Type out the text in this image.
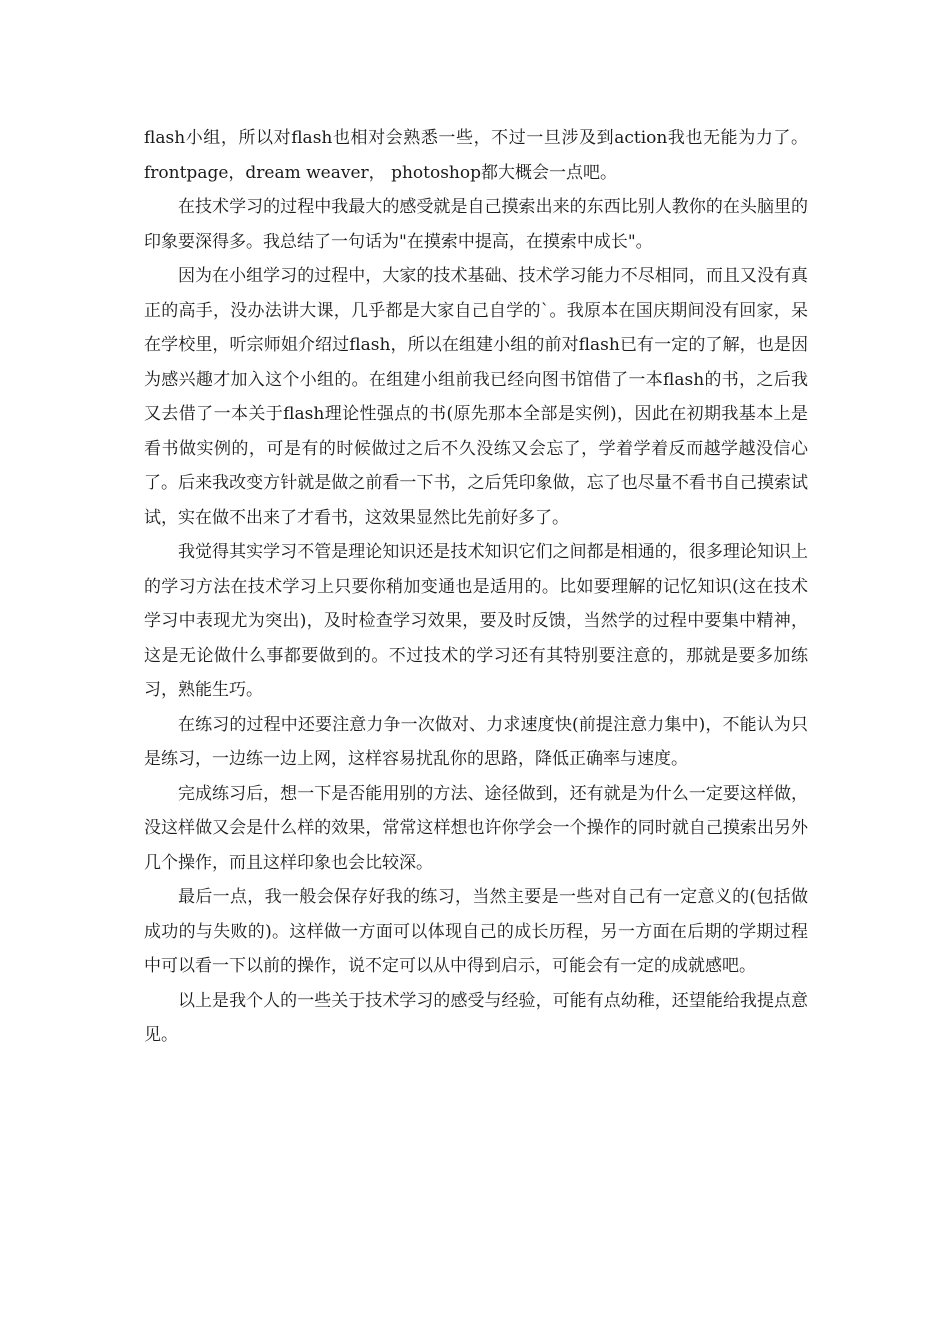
flash小组，所以对flash也相对会熟悉一些，不过一旦涉及到action我也无能为力了。frontpage，dream weaver， photoshop都大概会一点吧。

在技术学习的过程中我最大的感受就是自己摸索出来的东西比别人教你的在头脑里的印象要深得多。我总结了一句话为"在摸索中提高，在摸索中成长"。

因为在小组学习的过程中，大家的技术基础、技术学习能力不尽相同，而且又没有真正的高手，没办法讲大课，几乎都是大家自己自学的`。我原本在国庆期间没有回家，呆在学校里，听宗师姐介绍过flash，所以在组建小组的前对flash已有一定的了解，也是因为感兴趣才加入这个小组的。在组建小组前我已经向图书馆借了一本flash的书，之后我又去借了一本关于flash理论性强点的书(原先那本全部是实例)，因此在初期我基本上是看书做实例的，可是有的时候做过之后不久没练又会忘了，学着学着反而越学越没信心了。后来我改变方针就是做之前看一下书，之后凭印象做，忘了也尽量不看书自己摸索试试，实在做不出来了才看书，这效果显然比先前好多了。

我觉得其实学习不管是理论知识还是技术知识它们之间都是相通的，很多理论知识上的学习方法在技术学习上只要你稍加变通也是适用的。比如要理解的记忆知识(这在技术学习中表现尤为突出)，及时检查学习效果，要及时反馈，当然学的过程中要集中精神，这是无论做什么事都要做到的。不过技术的学习还有其特别要注意的，那就是要多加练习，熟能生巧。

在练习的过程中还要注意力争一次做对、力求速度快(前提注意力集中)，不能认为只是练习，一边练一边上网，这样容易扰乱你的思路，降低正确率与速度。

完成练习后，想一下是否能用别的方法、途径做到，还有就是为什么一定要这样做，没这样做又会是什么样的效果，常常这样想也许你学会一个操作的同时就自己摸索出另外几个操作，而且这样印象也会比较深。

最后一点，我一般会保存好我的练习，当然主要是一些对自己有一定意义的(包括做成功的与失败的)。这样做一方面可以体现自己的成长历程，另一方面在后期的学期过程中可以看一下以前的操作，说不定可以从中得到启示，可能会有一定的成就感吧。

以上是我个人的一些关于技术学习的感受与经验，可能有点幼稚，还望能给我提点意见。
